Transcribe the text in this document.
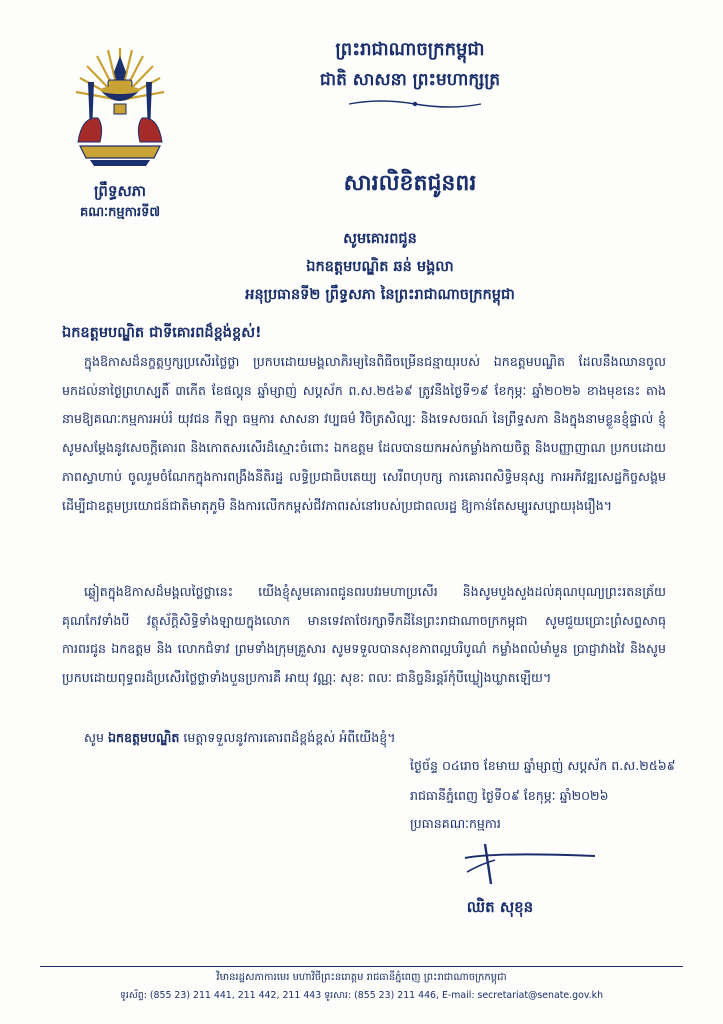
ព្រឹទ្ធសភា
គណៈកម្មការទី៧
ព្រះរាជាណាចក្រកម្ពុជា
ជាតិ សាសនា ព្រះមហាក្សត្រ
សារលិខិតជូនពរ
សូមគោរពជូន
ឯកឧត្តមបណ្ឌិត ឆន់ មង្គលា
អនុប្រធានទី២ ព្រឹទ្ធសភា នៃព្រះរាជាណាចក្រកម្ពុជា
ឯកឧត្តមបណ្ឌិត ជាទីគោរពដ៏ខ្ពង់ខ្ពស់!
ក្នុងឱកាសដ៏នក្ខត្តឫក្សប្រសើរថ្លៃថ្លា ប្រកបដោយមង្គលាភិរម្យនៃពិធីចម្រើនជន្មាយុរបស់ ឯកឧត្តមបណ្ឌិត ដែលនឹងឈានចូលមកដល់នាថ្ងៃព្រហស្បតិ៍ ៣កើត ខែផល្គុន ឆ្នាំម្សាញ់ សប្តស័ក ព.ស.២៥៦៩ ត្រូវនឹងថ្ងៃទី១៩ ខែកុម្ភៈ ឆ្នាំ២០២៦ ខាងមុខនេះ តាងនាមឱ្យគណៈកម្មការអប់រំ យុវជន កីឡា ធម្មការ សាសនា វប្បធម៌ វិចិត្រសិល្បៈ និងទេសចរណ៍ នៃព្រឹទ្ធសភា និងក្នុងនាមខ្លួនខ្ញុំផ្ទាល់ ខ្ញុំសូមសម្តែងនូវសេចក្តីគោរព និងកោតសរសើរដ៏ស្មោះចំពោះ ឯកឧត្តម ដែលបានយកអស់កម្លាំងកាយចិត្ត និងបញ្ញាញាណ ប្រកបដោយភាពស្វាហាប់ ចូលរួមចំណែកក្នុងការពង្រឹងនីតិរដ្ឋ លទ្ធិប្រជាធិបតេយ្យ សេរីពហុបក្ស ការគោរពសិទ្ធិមនុស្ស ការអភិវឌ្ឍសេដ្ឋកិច្ចសង្គម ដើម្បីជាឧត្តមប្រយោជន៍ជាតិមាតុភូមិ និងការលើកកម្ពស់ជីវភាពរស់នៅរបស់ប្រជាពលរដ្ឋ ឱ្យកាន់តែសម្បូរសប្បាយរុងរឿង។
ឆ្លៀតក្នុងឱកាសដ៏មង្គលថ្លៃថ្លានេះ យើងខ្ញុំសូមគោរពជូនពរបវរមហាប្រសើរ និងសូមបួងសួងដល់គុណបុណ្យព្រះរតនត្រ័យ គុណកែវទាំងបី វត្ថុស័ក្តិសិទ្ធិទាំងឡាយក្នុងលោក មានទេវតាថែរក្សាទឹកដីនៃព្រះរាជាណាចក្រកម្ពុជា សូមជួយប្រោះព្រំសព្ទសាធុការពរជូន ឯកឧត្តម និង លោកជំទាវ ព្រមទាំងក្រុមគ្រួសារ សូមទទួលបានសុខភាពល្អបរិបូណ៌ កម្លាំងពលំមាំមួន ប្រាជ្ញាវាងវៃ និងសូមប្រកបដោយពុទ្ធពរដ៏ប្រសើរថ្លៃថ្លាទាំងបួនប្រការគឺ អាយុ វណ្ណៈ សុខៈ ពលៈ ជានិច្ចនិរន្តរ៍កុំបីឃ្លៀងឃ្លាតឡើយ។
សូម ឯកឧត្តមបណ្ឌិត មេត្តាទទួលនូវការគោរពដ៏ខ្ពង់ខ្ពស់ អំពីយើងខ្ញុំ។
ថ្ងៃច័ន្ទ ០៤រោច ខែមាឃ ឆ្នាំម្សាញ់ សប្តស័ក ព.ស.២៥៦៩
រាជធានីភ្នំពេញ ថ្ងៃទី០៩ ខែកុម្ភៈ ឆ្នាំ២០២៦
ប្រធានគណៈកម្មការ
ឈិត សុខុន
វិមានរដ្ឋសភា​ការមេរ មហាវិថីព្រះនរោត្តម រាជធានីភ្នំពេញ ព្រះរាជាណាចក្រកម្ពុជា
ទូរស័ព្ទ: (855 23) 211 441, 211 442, 211 443 ទូរសារ: (855 23) 211 446, E-mail: secretariat@senate.gov.kh
